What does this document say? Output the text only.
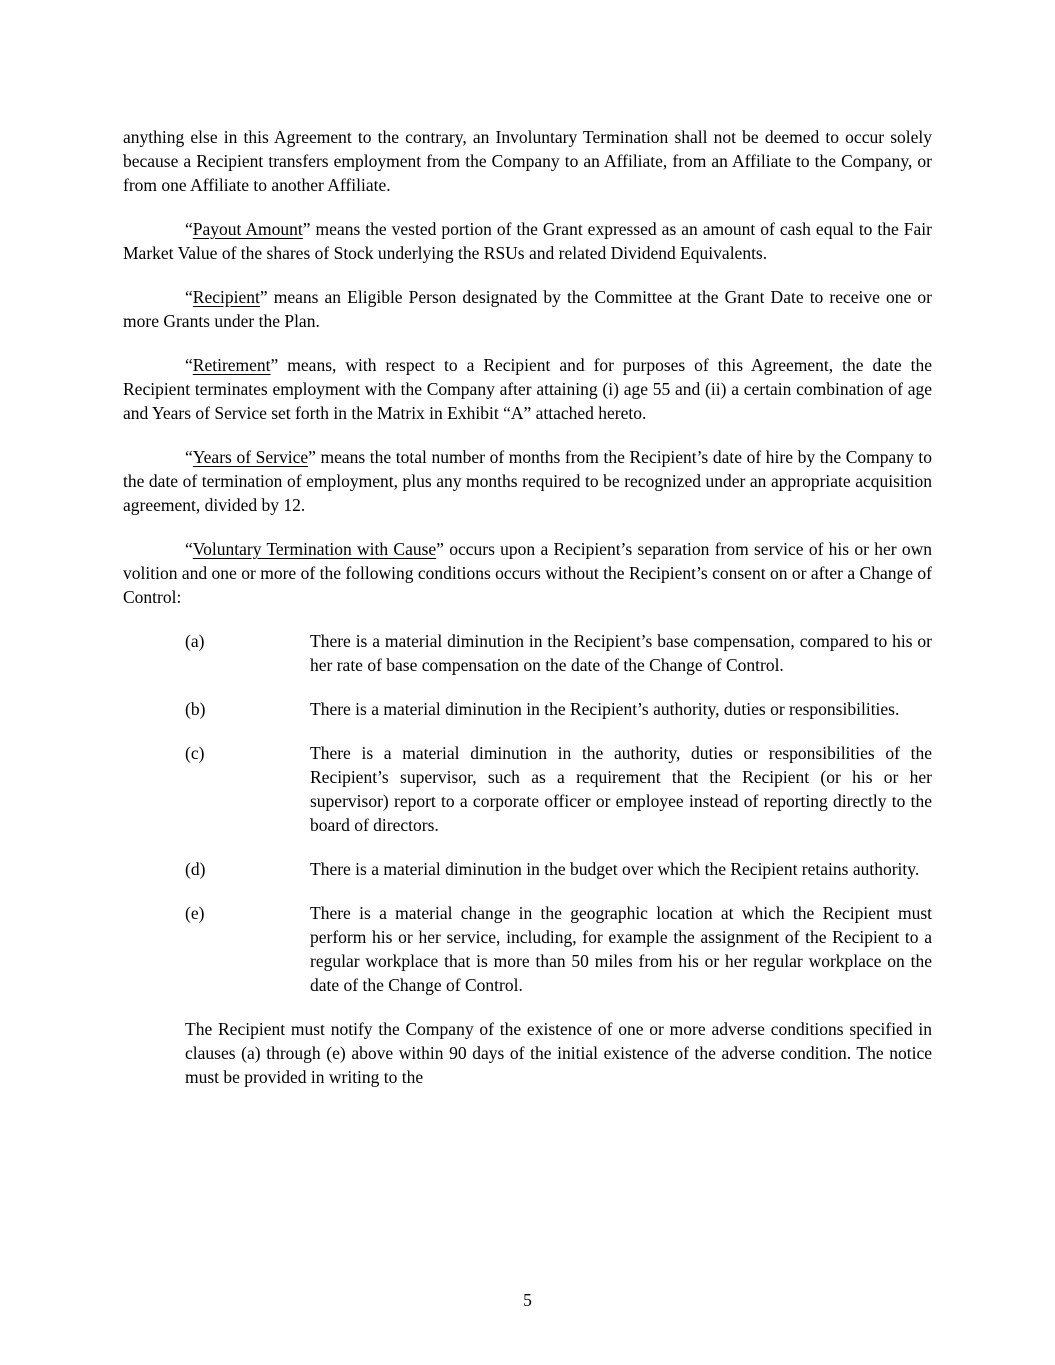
anything else in this Agreement to the contrary, an Involuntary Termination shall not be deemed to occur solely because a Recipient transfers employment from the Company to an Affiliate, from an Affiliate to the Company, or from one Affiliate to another Affiliate.

“Payout Amount” means the vested portion of the Grant expressed as an amount of cash equal to the Fair Market Value of the shares of Stock underlying the RSUs and related Dividend Equivalents.

“Recipient” means an Eligible Person designated by the Committee at the Grant Date to receive one or more Grants under the Plan.

“Retirement” means, with respect to a Recipient and for purposes of this Agreement, the date the Recipient terminates employment with the Company after attaining (i) age 55 and (ii) a certain combination of age and Years of Service set forth in the Matrix in Exhibit “A” attached hereto.

“Years of Service” means the total number of months from the Recipient’s date of hire by the Company to the date of termination of employment, plus any months required to be recognized under an appropriate acquisition agreement, divided by 12.

“Voluntary Termination with Cause” occurs upon a Recipient’s separation from service of his or her own volition and one or more of the following conditions occurs without the Recipient’s consent on or after a Change of Control:

(a)	There is a material diminution in the Recipient’s base compensation, compared to his or her rate of base compensation on the date of the Change of Control.
(b)	There is a material diminution in the Recipient’s authority, duties or responsibilities.
(c)	There is a material diminution in the authority, duties or responsibilities of the Recipient’s supervisor, such as a requirement that the Recipient (or his or her supervisor) report to a corporate officer or employee instead of reporting directly to the board of directors.
(d)	There is a material diminution in the budget over which the Recipient retains authority.
(e)	There is a material change in the geographic location at which the Recipient must perform his or her service, including, for example the assignment of the Recipient to a regular workplace that is more than 50 miles from his or her regular workplace on the date of the Change of Control.

The Recipient must notify the Company of the existence of one or more adverse conditions specified in clauses (a) through (e) above within 90 days of the initial existence of the adverse condition. The notice must be provided in writing to the

5
